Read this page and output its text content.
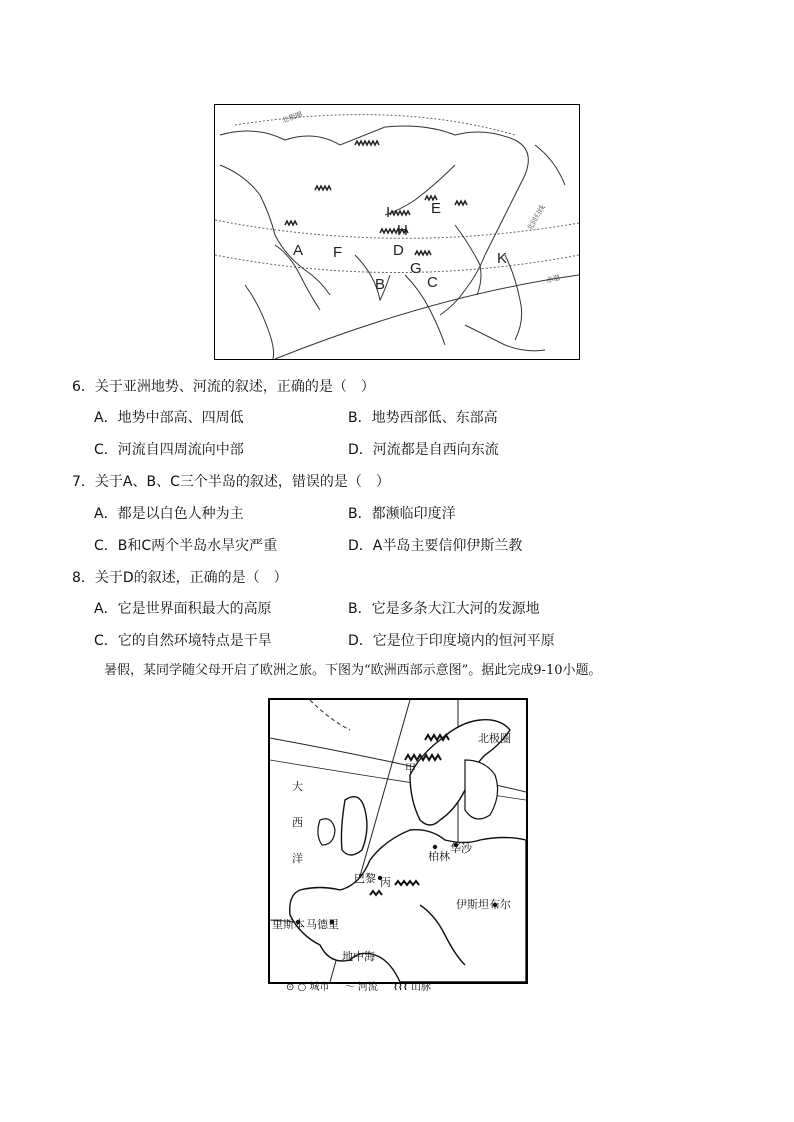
A
B	C
D
E
F
G
H
I
K
北极圈
北回归线
赤道
6．关于亚洲地势、河流的叙述，正确的是（　）
A．地势中部高、四周低	B．地势西部低、东部高
C．河流自四周流向中部	D．河流都是自西向东流
7．关于A、B、C三个半岛的叙述，错误的是（　）
A．都是以白色人种为主	B．都濒临印度洋
C．B和C两个半岛水旱灾严重	D．A半岛主要信仰伊斯兰教
8．关于D的叙述，正确的是（　）
A．它是世界面积最大的高原	B．它是多条大江大河的发源地
C．它的自然环境特点是干旱	D．它是位于印度境内的恒河平原
暑假，某同学随父母开启了欧洲之旅。下图为“欧洲西部示意图”。据此完成9-10小题。
北极圈
大
西
洋
甲
柏林
华沙
巴黎 丙
伊斯坦布尔
里斯本 马德里
地中海
⊙ ○ 城市 〜 河流 ⌇⌇⌇ 山脉
